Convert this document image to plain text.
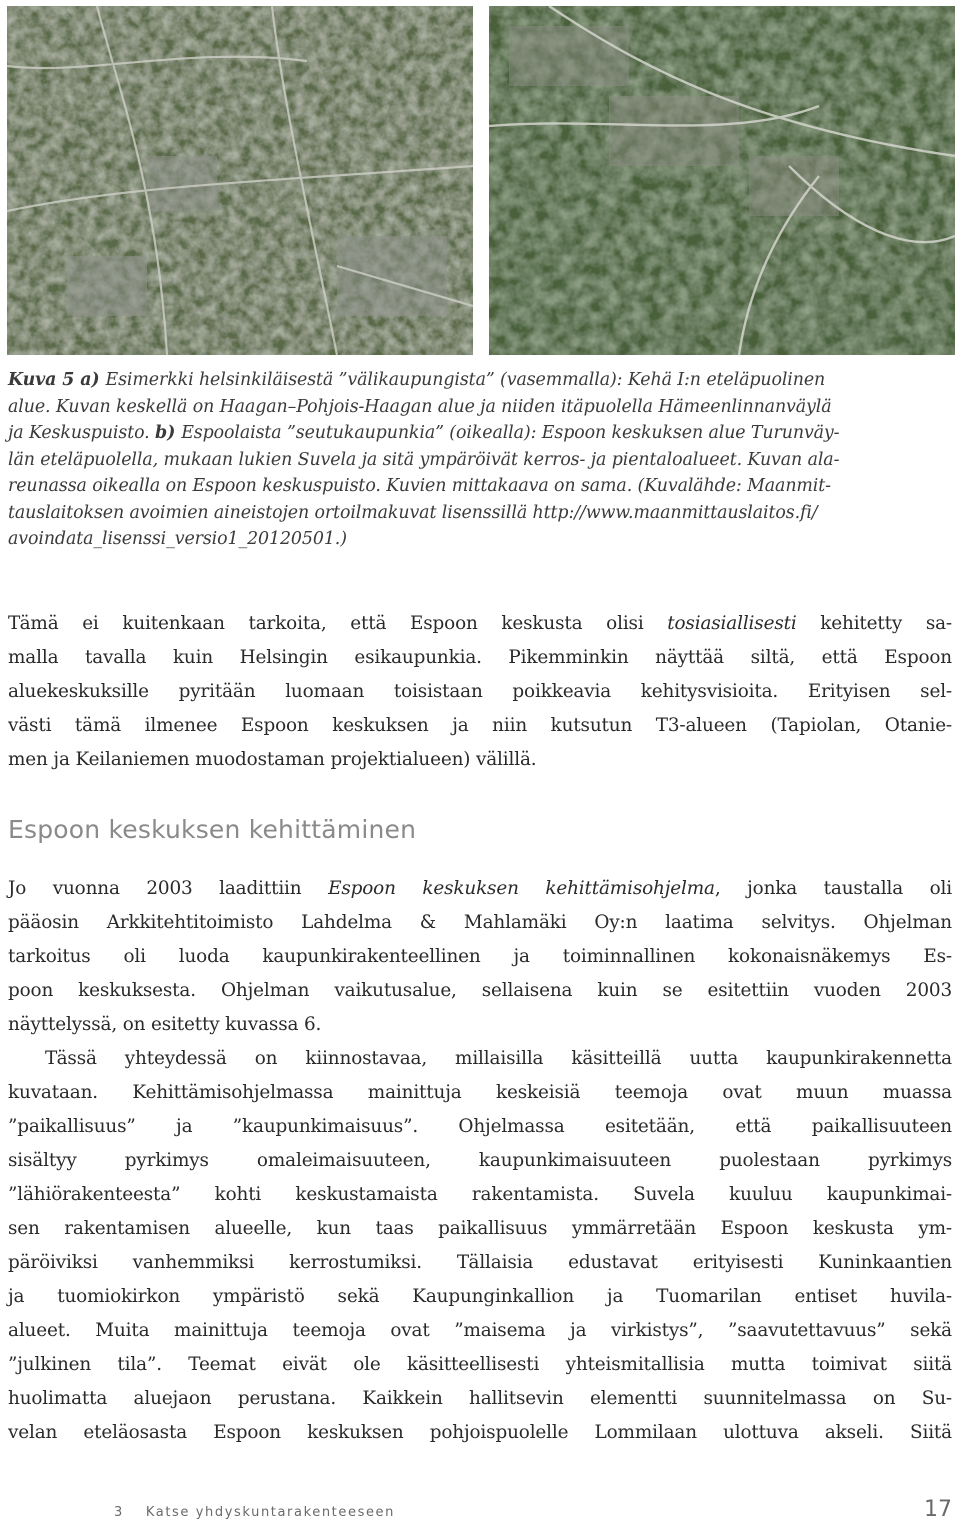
Kuva 5 a) Esimerkki helsinkiläisestä ”välikaupungista” (vasemmalla): Kehä I:n eteläpuolinen
alue. Kuvan keskellä on Haagan–Pohjois-Haagan alue ja niiden itäpuolella Hämeenlinnanväylä
ja Keskuspuisto. b) Espoolaista ”seutukaupunkia” (oikealla): Espoon keskuksen alue Turunväy-
län eteläpuolella, mukaan lukien Suvela ja sitä ympäröivät kerros- ja pientaloalueet. Kuvan ala-
reunassa oikealla on Espoon keskuspuisto. Kuvien mittakaava on sama. (Kuvalähde: Maanmit-
tauslaitoksen avoimien aineistojen ortoilmakuvat lisenssillä http://www.maanmittauslaitos.fi/
avoindata_lisenssi_versio1_20120501.)
Tämä ei kuitenkaan tarkoita, että Espoon keskusta olisi tosiasiallisesti kehitetty sa-
malla tavalla kuin Helsingin esikaupunkia. Pikemminkin näyttää siltä, että Espoon
aluekeskuksille pyritään luomaan toisistaan poikkeavia kehitysvisioita. Erityisen sel-
västi tämä ilmenee Espoon keskuksen ja niin kutsutun T3-alueen (Tapiolan, Otanie-
men ja Keilaniemen muodostaman projektialueen) välillä.
Espoon keskuksen kehittäminen
Jo vuonna 2003 laadittiin Espoon keskuksen kehittämisohjelma, jonka taustalla oli
pääosin Arkkitehtitoimisto Lahdelma & Mahlamäki Oy:n laatima selvitys. Ohjelman
tarkoitus oli luoda kaupunkirakenteellinen ja toiminnallinen kokonaisnäkemys Es-
poon keskuksesta. Ohjelman vaikutusalue, sellaisena kuin se esitettiin vuoden 2003
näyttelyssä, on esitetty kuvassa 6.
Tässä yhteydessä on kiinnostavaa, millaisilla käsitteillä uutta kaupunkirakennetta
kuvataan. Kehittämisohjelmassa mainittuja keskeisiä teemoja ovat muun muassa
”paikallisuus” ja ”kaupunkimaisuus”. Ohjelmassa esitetään, että paikallisuuteen
sisältyy pyrkimys omaleimaisuuteen, kaupunkimaisuuteen puolestaan pyrkimys
”lähiörakenteesta” kohti keskustamaista rakentamista. Suvela kuuluu kaupunkimai-
sen rakentamisen alueelle, kun taas paikallisuus ymmärretään Espoon keskusta ym-
päröiviksi vanhemmiksi kerrostumiksi. Tällaisia edustavat erityisesti Kuninkaantien
ja tuomiokirkon ympäristö sekä Kaupunginkallion ja Tuomarilan entiset huvila-
alueet. Muita mainittuja teemoja ovat ”maisema ja virkistys”, ”saavutettavuus” sekä
”julkinen tila”. Teemat eivät ole käsitteellisesti yhteismitallisia mutta toimivat siitä
huolimatta aluejaon perustana. Kaikkein hallitsevin elementti suunnitelmassa on Su-
velan eteläosasta Espoon keskuksen pohjoispuolelle Lommilaan ulottuva akseli. Siitä
3 Katse yhdyskuntarakenteeseen	17
